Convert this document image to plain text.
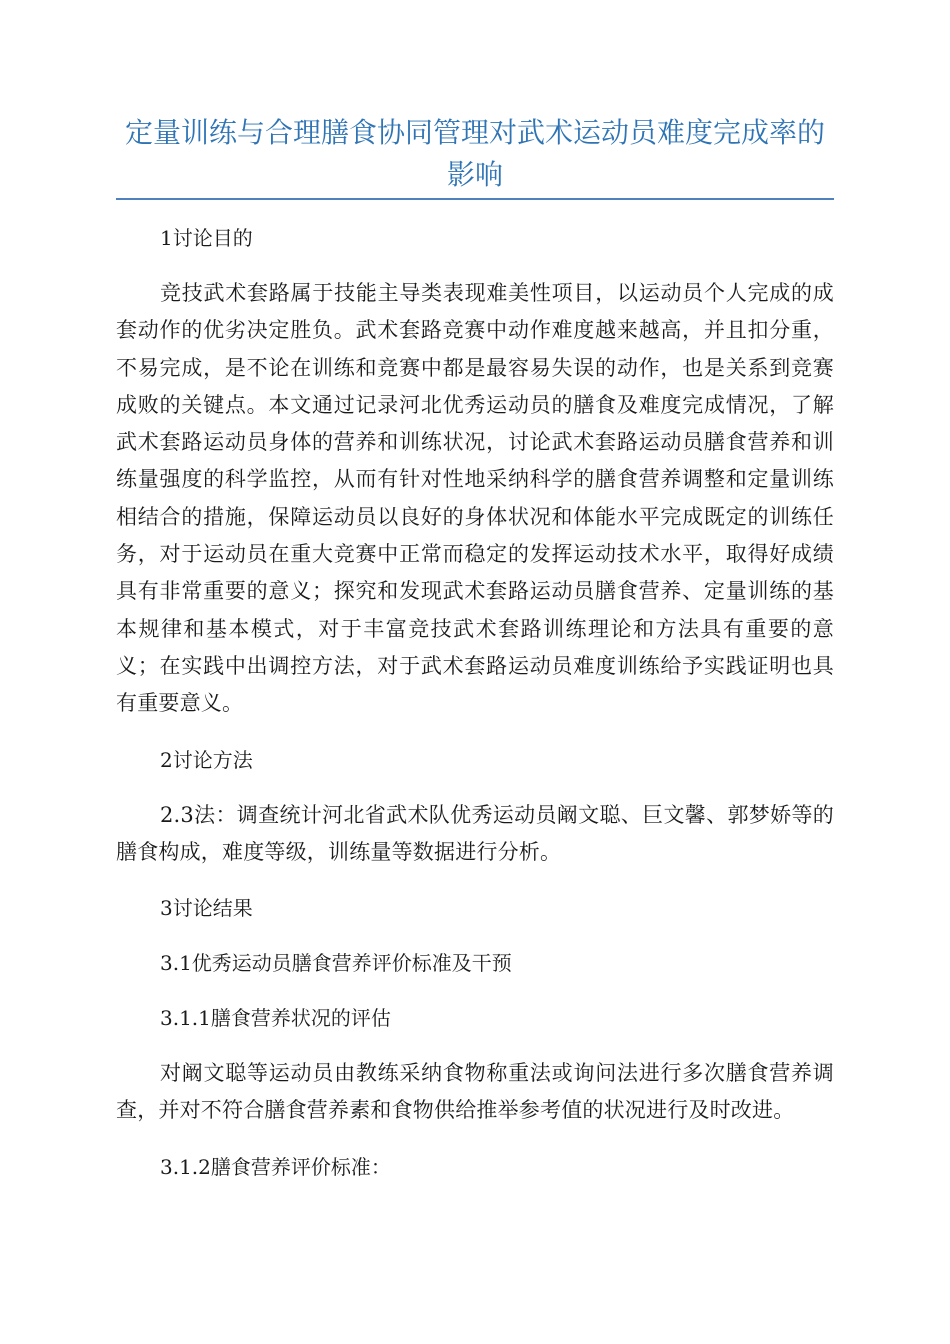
定量训练与合理膳食协同管理对武术运动员难度完成率的影响

1讨论目的

竞技武术套路属于技能主导类表现难美性项目，以运动员个人完成的成套动作的优劣决定胜负。武术套路竞赛中动作难度越来越高，并且扣分重，不易完成，是不论在训练和竞赛中都是最容易失误的动作，也是关系到竞赛成败的关键点。本文通过记录河北优秀运动员的膳食及难度完成情况，了解武术套路运动员身体的营养和训练状况，讨论武术套路运动员膳食营养和训练量强度的科学监控，从而有针对性地采纳科学的膳食营养调整和定量训练相结合的措施，保障运动员以良好的身体状况和体能水平完成既定的训练任务，对于运动员在重大竞赛中正常而稳定的发挥运动技术水平，取得好成绩具有非常重要的意义；探究和发现武术套路运动员膳食营养、定量训练的基本规律和基本模式，对于丰富竞技武术套路训练理论和方法具有重要的意义；在实践中出调控方法，对于武术套路运动员难度训练给予实践证明也具有重要意义。

2讨论方法

2.3法：调查统计河北省武术队优秀运动员阚文聪、巨文馨、郭梦娇等的膳食构成，难度等级，训练量等数据进行分析。

3讨论结果

3.1优秀运动员膳食营养评价标准及干预

3.1.1膳食营养状况的评估

对阚文聪等运动员由教练采纳食物称重法或询问法进行多次膳食营养调查，并对不符合膳食营养素和食物供给推举参考值的状况进行及时改进。

3.1.2膳食营养评价标准：
